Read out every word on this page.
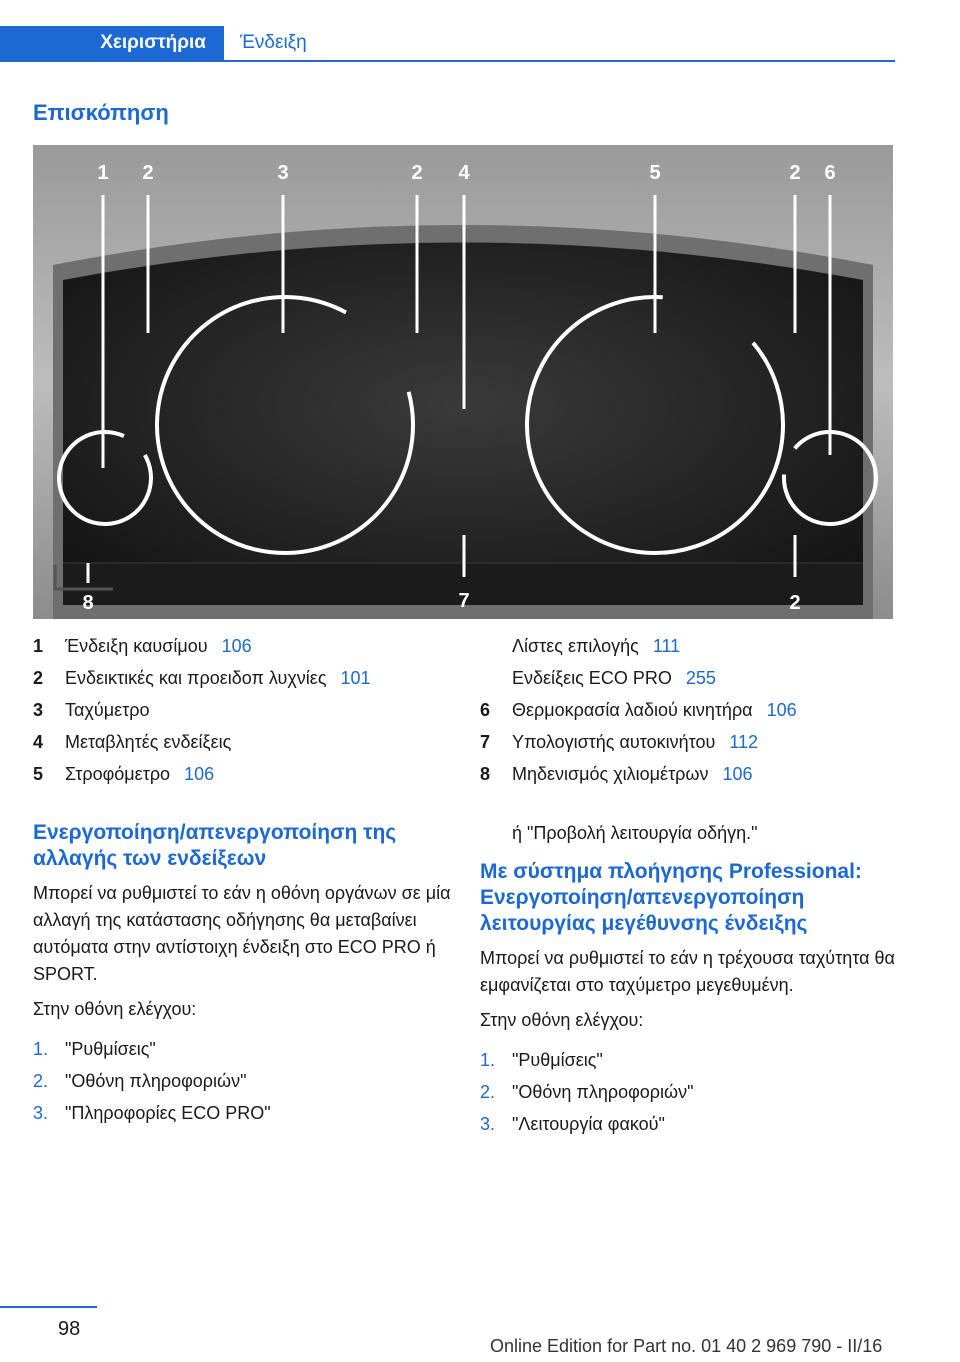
Χειριστήρια	Ένδειξη
Επισκόπηση
1 2	3	2 4	5	2 6
8	7	2
1	Ένδειξη καυσίμου 106
2	Ενδεικτικές και προειδοπ λυχνίες 101
3	Ταχύμετρο
4	Μεταβλητές ενδείξεις
5	Στροφόμετρο 106
Ενεργοποίηση/απενεργοποίηση της αλλαγής των ενδείξεων

Μπορεί να ρυθμιστεί το εάν η οθόνη οργάνων σε μία αλλαγή της κατάστασης οδήγησης θα μεταβαίνει αυτόματα στην αντίστοιχη ένδειξη στο ECO PRO ή SPORT.

Στην οθόνη ελέγχου:

1. "Ρυθμίσεις"
2. "Οθόνη πληροφοριών"
3. "Πληροφορίες ECO PRO"
Λίστες επιλογής 111
Ενδείξεις ECO PRO 255
6	Θερμοκρασία λαδιού κινητήρα 106
7	Υπολογιστής αυτοκινήτου 112
8	Μηδενισμός χιλιομέτρων 106

ή "Προβολή λειτουργία οδήγη."

Με σύστημα πλοήγησης Professional: Ενεργοποίηση/απενεργοποίηση λειτουργίας μεγέθυνσης ένδειξης

Μπορεί να ρυθμιστεί το εάν η τρέχουσα ταχύτητα θα εμφανίζεται στο ταχύμετρο μεγεθυμένη.

Στην οθόνη ελέγχου:

1. "Ρυθμίσεις"
2. "Οθόνη πληροφοριών"
3. "Λειτουργία φακού"
98
Online Edition for Part no. 01 40 2 969 790 - II/16
